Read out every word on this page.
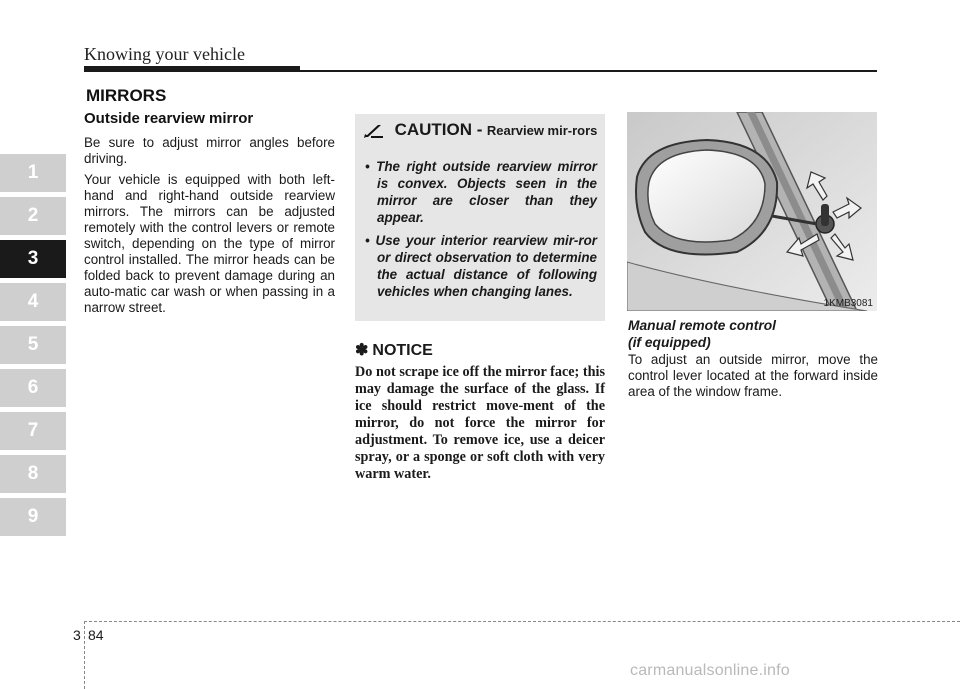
Knowing your vehicle
1
2
3
4
5
6
7
8
9
MIRRORS
Outside rearview mirror

Be sure to adjust mirror angles before driving.

Your vehicle is equipped with both left-hand and right-hand outside rearview mirrors. The mirrors can be adjusted remotely with the control levers or remote switch, depending on the type of mirror control installed. The mirror heads can be folded back to prevent damage during an auto-matic car wash or when passing in a narrow street.

CAUTION - Rearview mir-rors
• The right outside rearview mirror is convex. Objects seen in the mirror are closer than they appear.
• Use your interior rearview mir-ror or direct observation to determine the actual distance of following vehicles when changing lanes.
✽ NOTICE
Do not scrape ice off the mirror face; this may damage the surface of the glass. If ice should restrict move-ment of the mirror, do not force the mirror for adjustment. To remove ice, use a deicer spray, or a sponge or soft cloth with very warm water.
1KMB3081
Manual remote control
(if equipped)
To adjust an outside mirror, move the control lever located at the forward inside area of the window frame.
3 84
carmanualsonline.info
